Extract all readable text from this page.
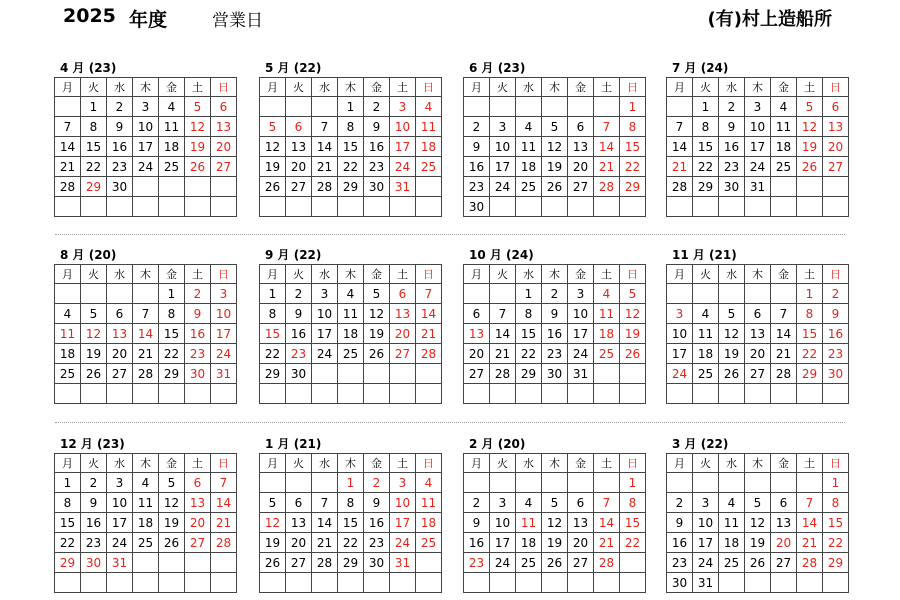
2025 年度	営業日	(有)村上造船所
4 月 (23)
月	火	水	木	金	土	日
	1	2	3	4	5	6
7	8	9	10	11	12	13
14	15	16	17	18	19	20
21	22	23	24	25	26	27
28	29	30				

5 月 (22)
月	火	水	木	金	土	日
			1	2	3	4
5	6	7	8	9	10	11
12	13	14	15	16	17	18
19	20	21	22	23	24	25
26	27	28	29	30	31	

6 月 (23)
月	火	水	木	金	土	日
						1
2	3	4	5	6	7	8
9	10	11	12	13	14	15
16	17	18	19	20	21	22
23	24	25	26	27	28	29
30						
7 月 (24)
月	火	水	木	金	土	日
	1	2	3	4	5	6
7	8	9	10	11	12	13
14	15	16	17	18	19	20
21	22	23	24	25	26	27
28	29	30	31			

8 月 (20)
月	火	水	木	金	土	日
				1	2	3
4	5	6	7	8	9	10
11	12	13	14	15	16	17
18	19	20	21	22	23	24
25	26	27	28	29	30	31

9 月 (22)
月	火	水	木	金	土	日
1	2	3	4	5	6	7
8	9	10	11	12	13	14
15	16	17	18	19	20	21
22	23	24	25	26	27	28
29	30					

10 月 (24)
月	火	水	木	金	土	日
		1	2	3	4	5
6	7	8	9	10	11	12
13	14	15	16	17	18	19
20	21	22	23	24	25	26
27	28	29	30	31		

11 月 (21)
月	火	水	木	金	土	日
					1	2
3	4	5	6	7	8	9
10	11	12	13	14	15	16
17	18	19	20	21	22	23
24	25	26	27	28	29	30

12 月 (23)
月	火	水	木	金	土	日
1	2	3	4	5	6	7
8	9	10	11	12	13	14
15	16	17	18	19	20	21
22	23	24	25	26	27	28
29	30	31				

1 月 (21)
月	火	水	木	金	土	日
			1	2	3	4
5	6	7	8	9	10	11
12	13	14	15	16	17	18
19	20	21	22	23	24	25
26	27	28	29	30	31	

2 月 (20)
月	火	水	木	金	土	日
						1
2	3	4	5	6	7	8
9	10	11	12	13	14	15
16	17	18	19	20	21	22
23	24	25	26	27	28	

3 月 (22)
月	火	水	木	金	土	日
						1
2	3	4	5	6	7	8
9	10	11	12	13	14	15
16	17	18	19	20	21	22
23	24	25	26	27	28	29
30	31					
